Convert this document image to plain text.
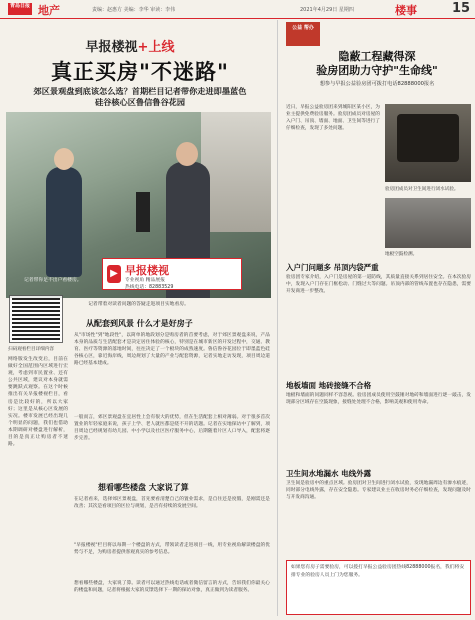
青岛日报 地产	责编：赵惠方 美编：李华 审读：李伟	2021年4月29日 星期四	楼事	15
早报楼视+上线
真正买房"不迷路"
郊区景观盘到底该怎么选？首期栏目记者带你走进即墨蓝色硅谷核心区鲁信鲁谷花园
记者带你足不出户看楼房。
记者带着对读者问题的答疑走进项目实地看房。
▶ 早报楼视
专业视角 精品展报
热线电话：82883529
扫码观看栏目详细内容
网络版发生改变后，目前在做好全国范围内区域进行宏观，考虑到市民置业、还有公共区域，建议对本身就需要跳跃式观察。在这个时候推出有关早报楼视栏目，看房是比较好的，所以大家好；这里是从核心区发展的实况。楼市发展已经出现几个明显的问题，我们也借助本期调研对楼盘进行解析，目的是真正让购房者不迷路。
从配套到风景 什么才是好房子
从"市场性"到"地段性"，以简单的地段划分是购房者的首要考虑，对于郊区景观盘来说，产品本身的品质与生活配套才是决定居住体验的核心，特别是在城市新区的开发过程中，交通、教育、医疗等资源的落地时间，往往决定了一个板块的成熟速度。鲁信鲁谷花园位于即墨蓝色硅谷核心区，靠近海岸线，周边规划了大量的产业与配套资源，记者实地走访发现，项目周边道路已经基本建成。
一般而言，郊区景观盘在宜居性上会有很大的优势，但在生活配套上相对薄弱。对于很多首次置业的年轻家庭来说，孩子上学、老人就医都是绕不开的话题。记者在实地探访中了解到，项目周边已经规划有幼儿园、中小学以及社区医疗服务中心，后期随着片区人口导入，配套将逐步完善。
想看哪些楼盘 大家说了算
在记者看来，选择郊区景观盘，首先要看清楚自己的置业需求，是自住还是度假，是刚需还是改善；其次是看项目的区位与规划，是否有持续的发展空间。
"早报楼视"栏目将以每期一个楼盘的方式，带领读者走进项目一线，用专业视角解读楼盘的优势与不足，为购房者提供客观真实的参考信息。
想看哪些楼盘，大家说了算。读者可以通过热线电话或者微信留言的方式，告诉我们你最关心的楼盘和问题，记者将根据大家的反馈选择下一期的探访对象，真正做到为读者服务。
公益 帮办
隐蔽工程藏得深
验房团助力守护"生命线"
想参与早报公益验房团可拨打电话82888000报名
近日，早报公益验房团来到城阳区某小区，为业主提供免费验房服务。验房团成员对房屋的入户门、吊顶、墙面、地面、卫生间等进行了仔细检查，发现了多处问题。
验房团成员对卫生间进行闭水试验。
地板空鼓检测。
入户门问题多 吊顶内袋严重
验房团专家介绍，入户门是房屋的第一道防线，其质量直接关系到居住安全。在本次验房中，发现入户门存在门框松动、门缝过大等问题。吊顶内部的管线布置也存在隐患，需要开发商进一步整改。
地板墙面 地砖接缝不合格
地板和墙面的问题同样不容忽视。验房团成员使用空鼓锤对地砖和墙面进行逐一敲击，发现部分区域存在空鼓现象，接缝处处理不合格，影响美观和使用寿命。
卫生间水地漏水 电线外露
卫生间是验房中的重点区域。验房团对卫生间进行闭水试验，发现地漏周边有渗水痕迹，同时部分电线外露，存在安全隐患。专家建议业主在收房时务必仔细检查，发现问题及时与开发商沟通。
如果您有房子需要验房，可以拨打早报公益验房团热线82888000报名，我们将安排专业的验房人员上门为您服务。
